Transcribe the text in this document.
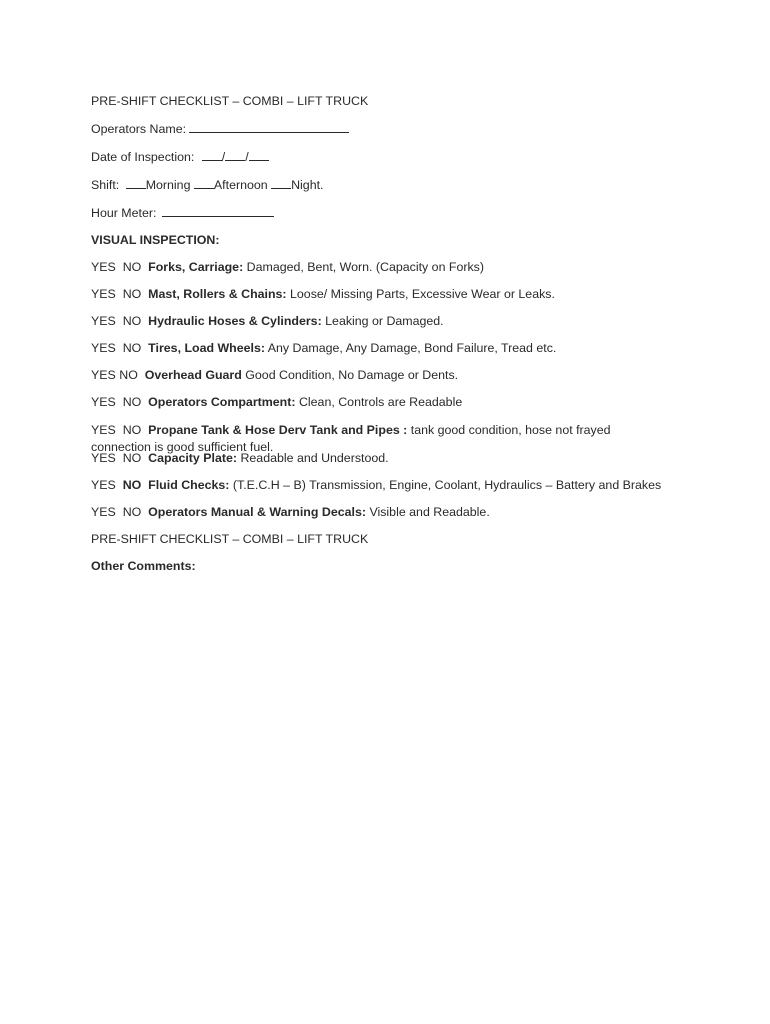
PRE-SHIFT CHECKLIST – COMBI – LIFT TRUCK
Operators Name:
Date of Inspection: / /
Shift: Morning Afternoon Night.
Hour Meter:
VISUAL INSPECTION:
YES NO Forks, Carriage: Damaged, Bent, Worn. (Capacity on Forks)
YES NO Mast, Rollers & Chains: Loose/ Missing Parts, Excessive Wear or Leaks.
YES NO Hydraulic Hoses & Cylinders: Leaking or Damaged.
YES NO Tires, Load Wheels: Any Damage, Any Damage, Bond Failure, Tread etc.
YES NO Overhead Guard Good Condition, No Damage or Dents.
YES NO Operators Compartment: Clean, Controls are Readable
YES NO Propane Tank & Hose Derv Tank and Pipes : tank good condition, hose not frayed connection is good sufficient fuel.
YES NO Capacity Plate: Readable and Understood.
YES NO Fluid Checks: (T.E.C.H – B) Transmission, Engine, Coolant, Hydraulics – Battery and Brakes
YES NO Operators Manual & Warning Decals: Visible and Readable.
PRE-SHIFT CHECKLIST – COMBI – LIFT TRUCK
Other Comments:
